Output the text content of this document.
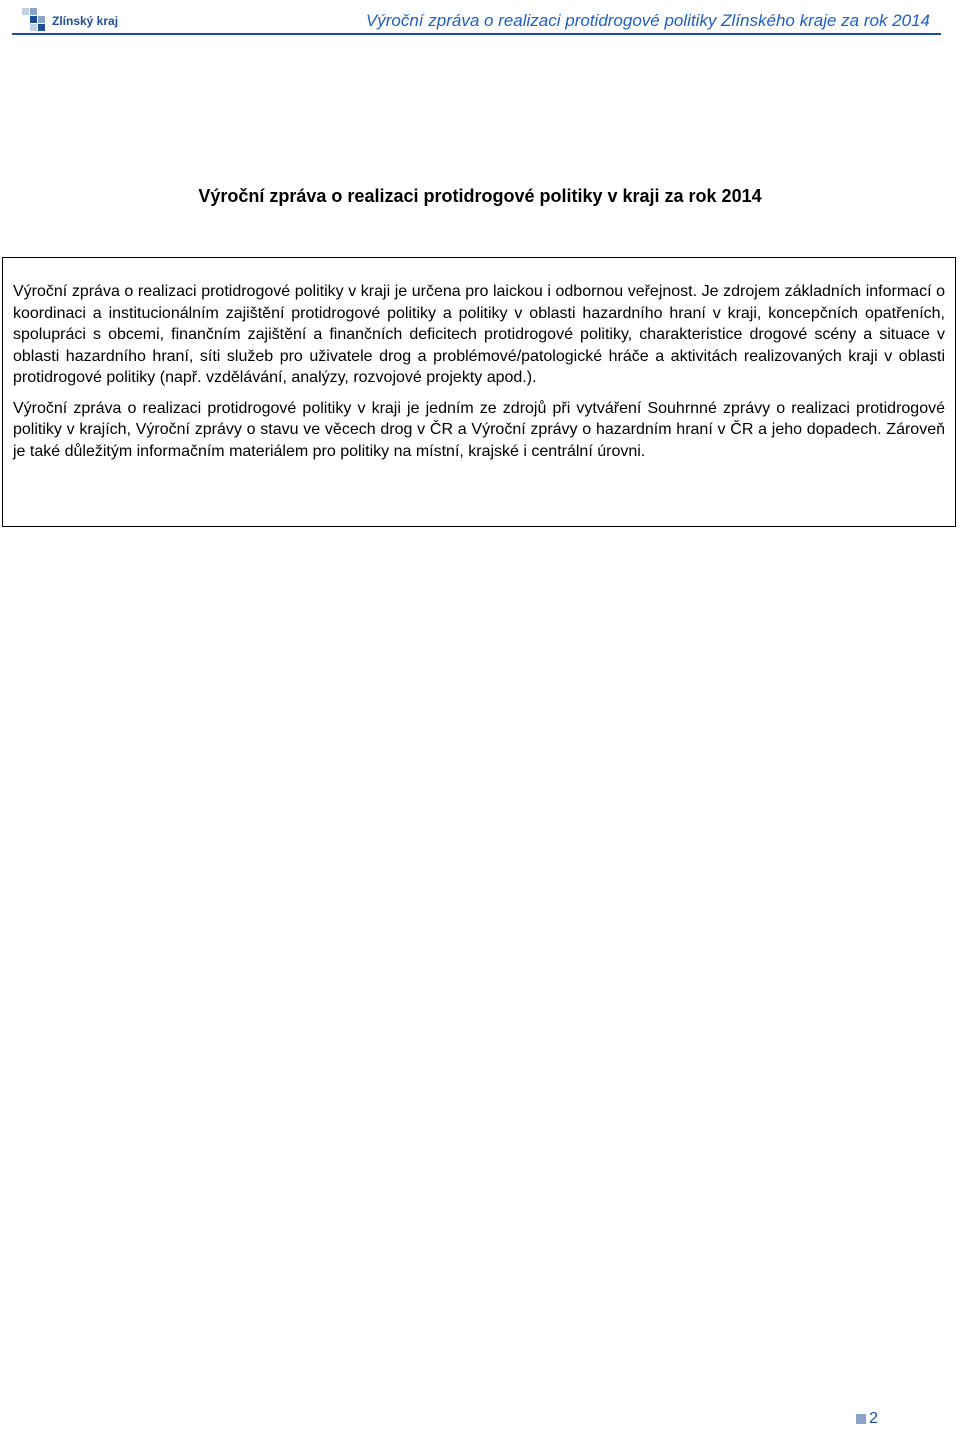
Zlínský kraj	Výroční zpráva o realizaci protidrogové politiky Zlínského kraje za rok 2014
Výroční zpráva o realizaci protidrogové politiky v kraji za rok 2014

Výroční zpráva o realizaci protidrogové politiky v kraji je určena pro laickou i odbornou veřejnost. Je zdrojem základních informací o koordinaci a institucionálním zajištění protidrogové politiky a politiky v oblasti hazardního hraní v kraji, koncepčních opatřeních, spolupráci s obcemi, finančním zajištění a finančních deficitech protidrogové politiky, charakteristice drogové scény a situace v oblasti hazardního hraní, síti služeb pro uživatele drog a problémové/patologické hráče a aktivitách realizovaných kraji v oblasti protidrogové politiky (např. vzdělávání, analýzy, rozvojové projekty apod.).

Výroční zpráva o realizaci protidrogové politiky v kraji je jedním ze zdrojů při vytváření Souhrnné zprávy o realizaci protidrogové politiky v krajích, Výroční zprávy o stavu ve věcech drog v ČR a Výroční zprávy o hazardním hraní v ČR a jeho dopadech. Zároveň je také důležitým informačním materiálem pro politiky na místní, krajské i centrální úrovni.

2
